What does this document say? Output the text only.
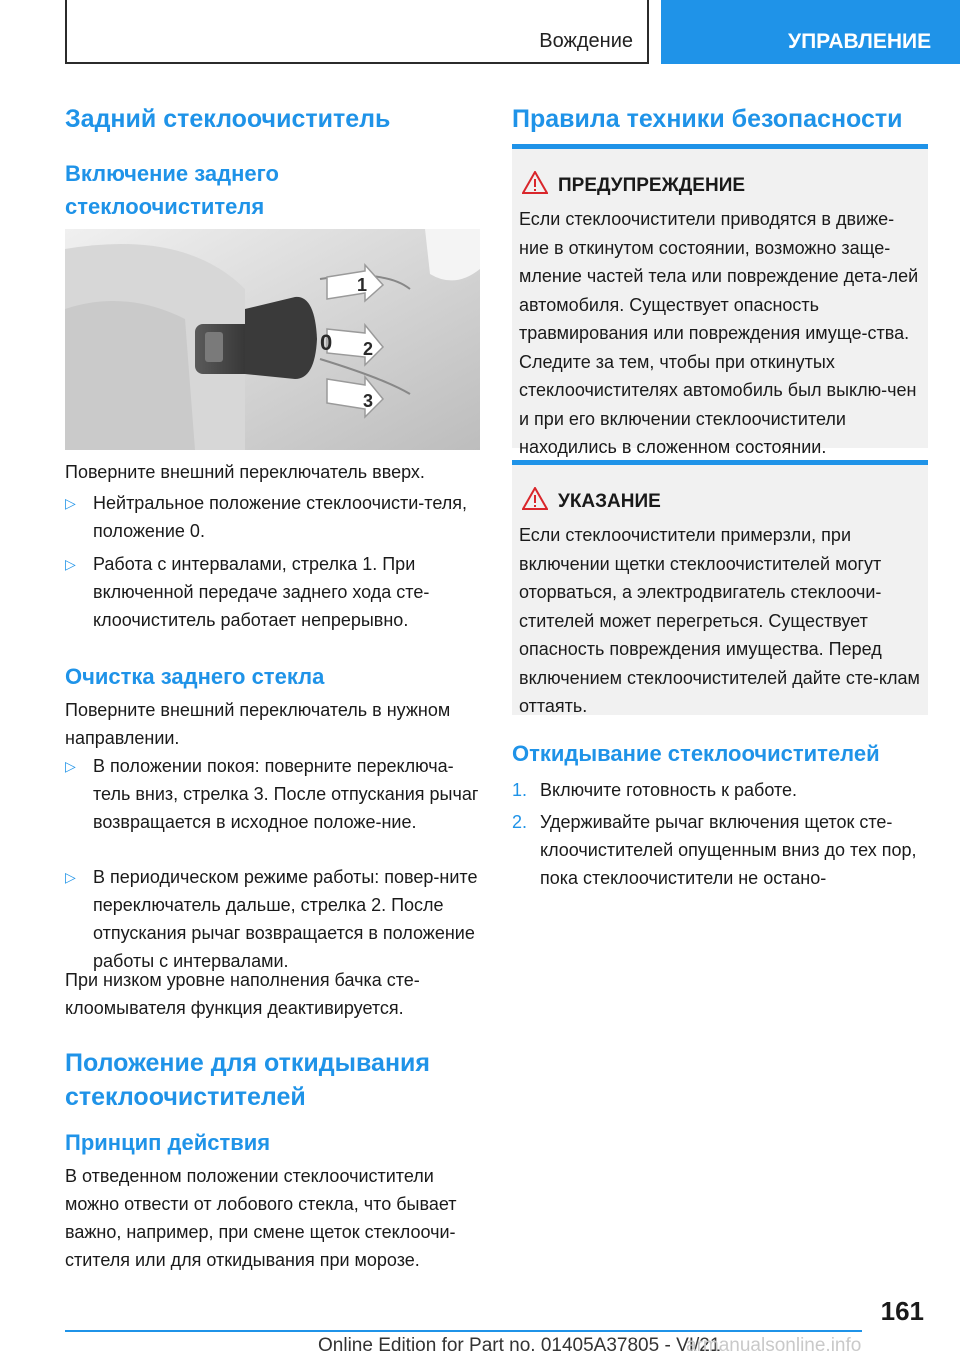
Вождение	УПРАВЛЕНИЕ
Задний стеклоочиститель
Включение заднего стеклоочистителя
0
1
2
3

Поверните внешний переключатель вверх.

▷ Нейтральное положение стеклоочисти-теля, положение 0.
▷ Работа с интервалами, стрелка 1. При включенной передаче заднего хода сте-клоочиститель работает непрерывно.
Очистка заднего стекла

Поверните внешний переключатель в нужном направлении.

▷ В положении покоя: поверните переключа-тель вниз, стрелка 3. После отпускания рычаг возвращается в исходное положе-ние.
▷ В периодическом режиме работы: повер-ните переключатель дальше, стрелка 2. После отпускания рычаг возвращается в положение работы с интервалами.

При низком уровне наполнения бачка сте-клоомывателя функция деактивируется.

Положение для откидывания стеклоочистителей
Принцип действия

В отведенном положении стеклоочистители можно отвести от лобового стекла, что бывает важно, например, при смене щеток стеклоочи-стителя или для откидывания при морозе.

Правила техники безопасности
ПРЕДУПРЕЖДЕНИЕ
Если стеклоочистители приводятся в движе-ние в откинутом состоянии, возможно заще-мление частей тела или повреждение дета-лей автомобиля. Существует опасность травмирования или повреждения имуще-ства. Следите за тем, чтобы при откинутых стеклоочистителях автомобиль был выклю-чен и при его включении стеклоочистители находились в сложенном состоянии.
УКАЗАНИЕ
Если стеклоочистители примерзли, при включении щетки стеклоочистителей могут оторваться, а электродвигатель стеклоочи-стителей может перегреться. Существует опасность повреждения имущества. Перед включением стеклоочистителей дайте сте-клам оттаять.
Откидывание стеклоочистителей
1. Включите готовность к работе.
2. Удерживайте рычаг включения щеток сте-клоочистителей опущенным вниз до тех пор, пока стеклоочистители не остано-
161
Online Edition for Part no. 01405A37805 - VI/21
armanualsonline.info
